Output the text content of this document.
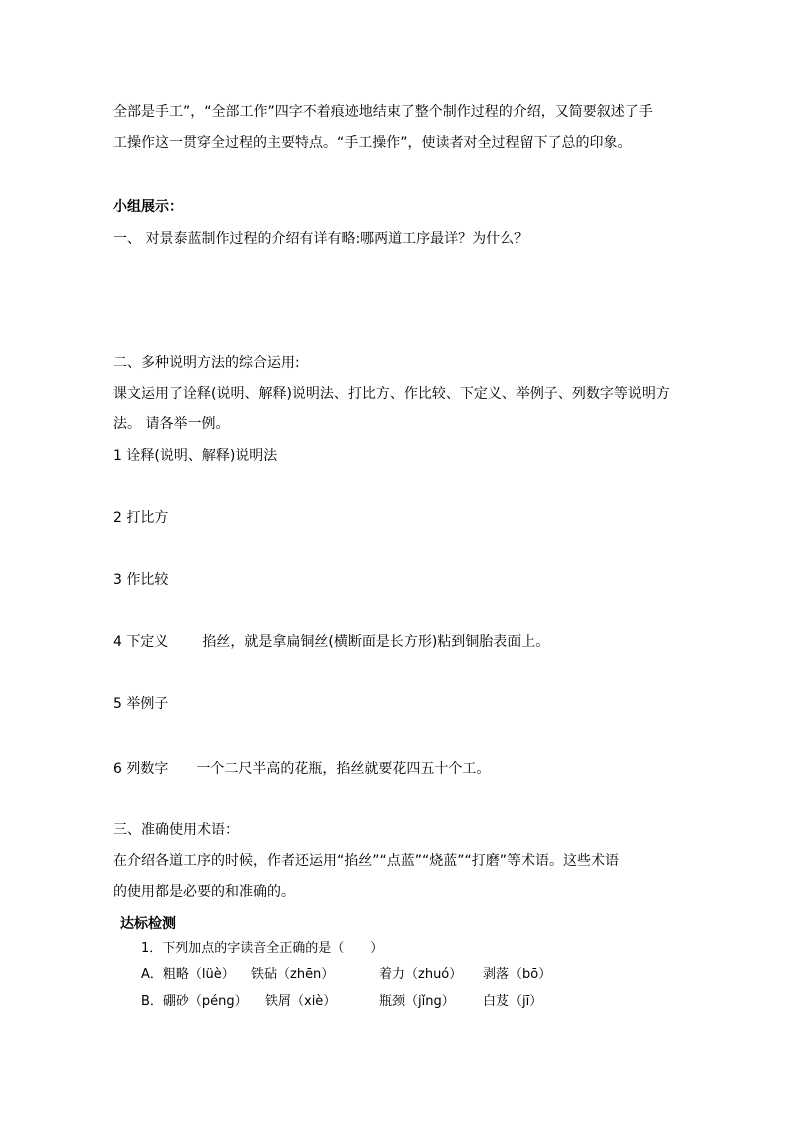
全部是手工”，“全部工作”四字不着痕迹地结束了整个制作过程的介绍，又简要叙述了手
工操作这一贯穿全过程的主要特点。“手工操作”，使读者对全过程留下了总的印象。
小组展示：
一、 对景泰蓝制作过程的介绍有详有略:哪两道工序最详？为什么？
二、多种说明方法的综合运用:
课文运用了诠释(说明、解释)说明法、打比方、作比较、下定义、举例子、列数字等说明方
法。 请各举一例。
1 诠释(说明、解释)说明法
2 打比方
3 作比较
4 下定义 掐丝，就是拿扁铜丝(横断面是长方形)粘到铜胎表面上。
5 举例子
6 列数字 一个二尺半高的花瓶，掐丝就要花四五十个工。
三、准确使用术语：
在介绍各道工序的时候，作者还运用“掐丝”“点蓝”“烧蓝”“打磨”等术语。这些术语
的使用都是必要的和准确的。
达标检测
1．下列加点的字读音全正确的是（　　）
A．粗略（lüè） 铁砧（zhēn）	着力（zhuó） 剥落（bō）
B．硼砂（péng） 铁屑（xiè）	瓶颈（jǐng） 白芨（jī）
